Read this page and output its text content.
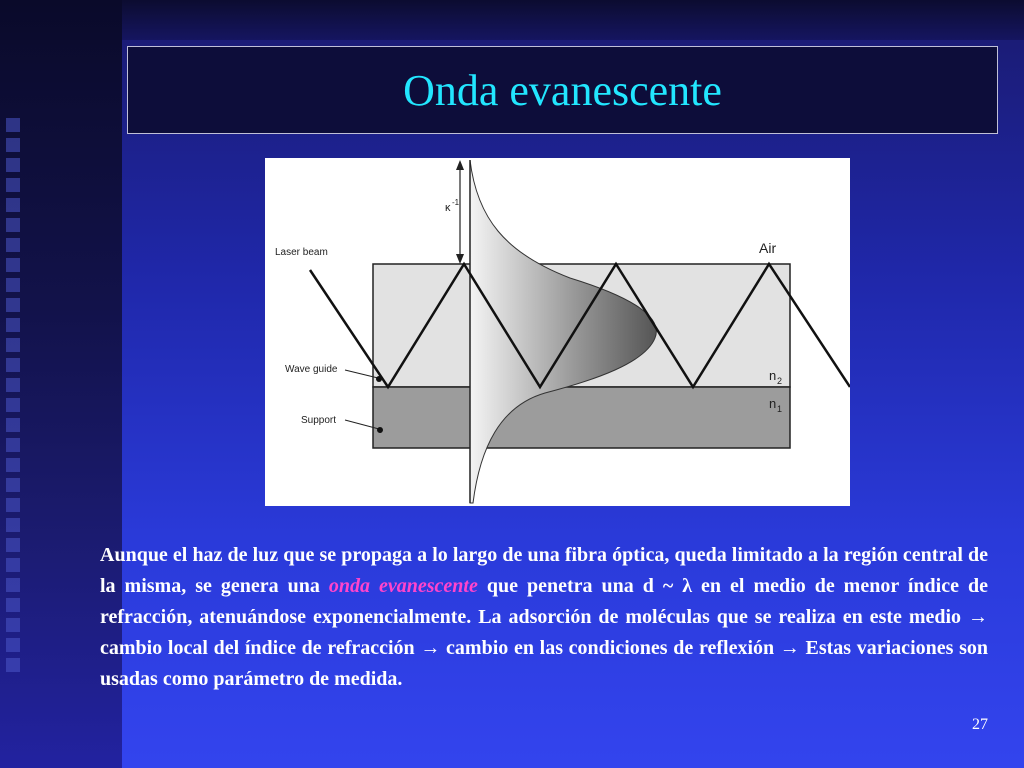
Onda evanescente
κ -1
Laser beam
Wave guide
Support
Air
n 2
n 1
Aunque el haz de luz que se propaga a lo largo de una fibra óptica, queda limitado a la región central de la misma, se genera una onda evanescente que penetra una d ~ λ en el medio de menor índice de refracción, atenuándose exponencialmente. La adsorción de moléculas que se realiza en este medio → cambio local del índice de refracción → cambio en las condiciones de reflexión → Estas variaciones son usadas como parámetro de medida.
27
